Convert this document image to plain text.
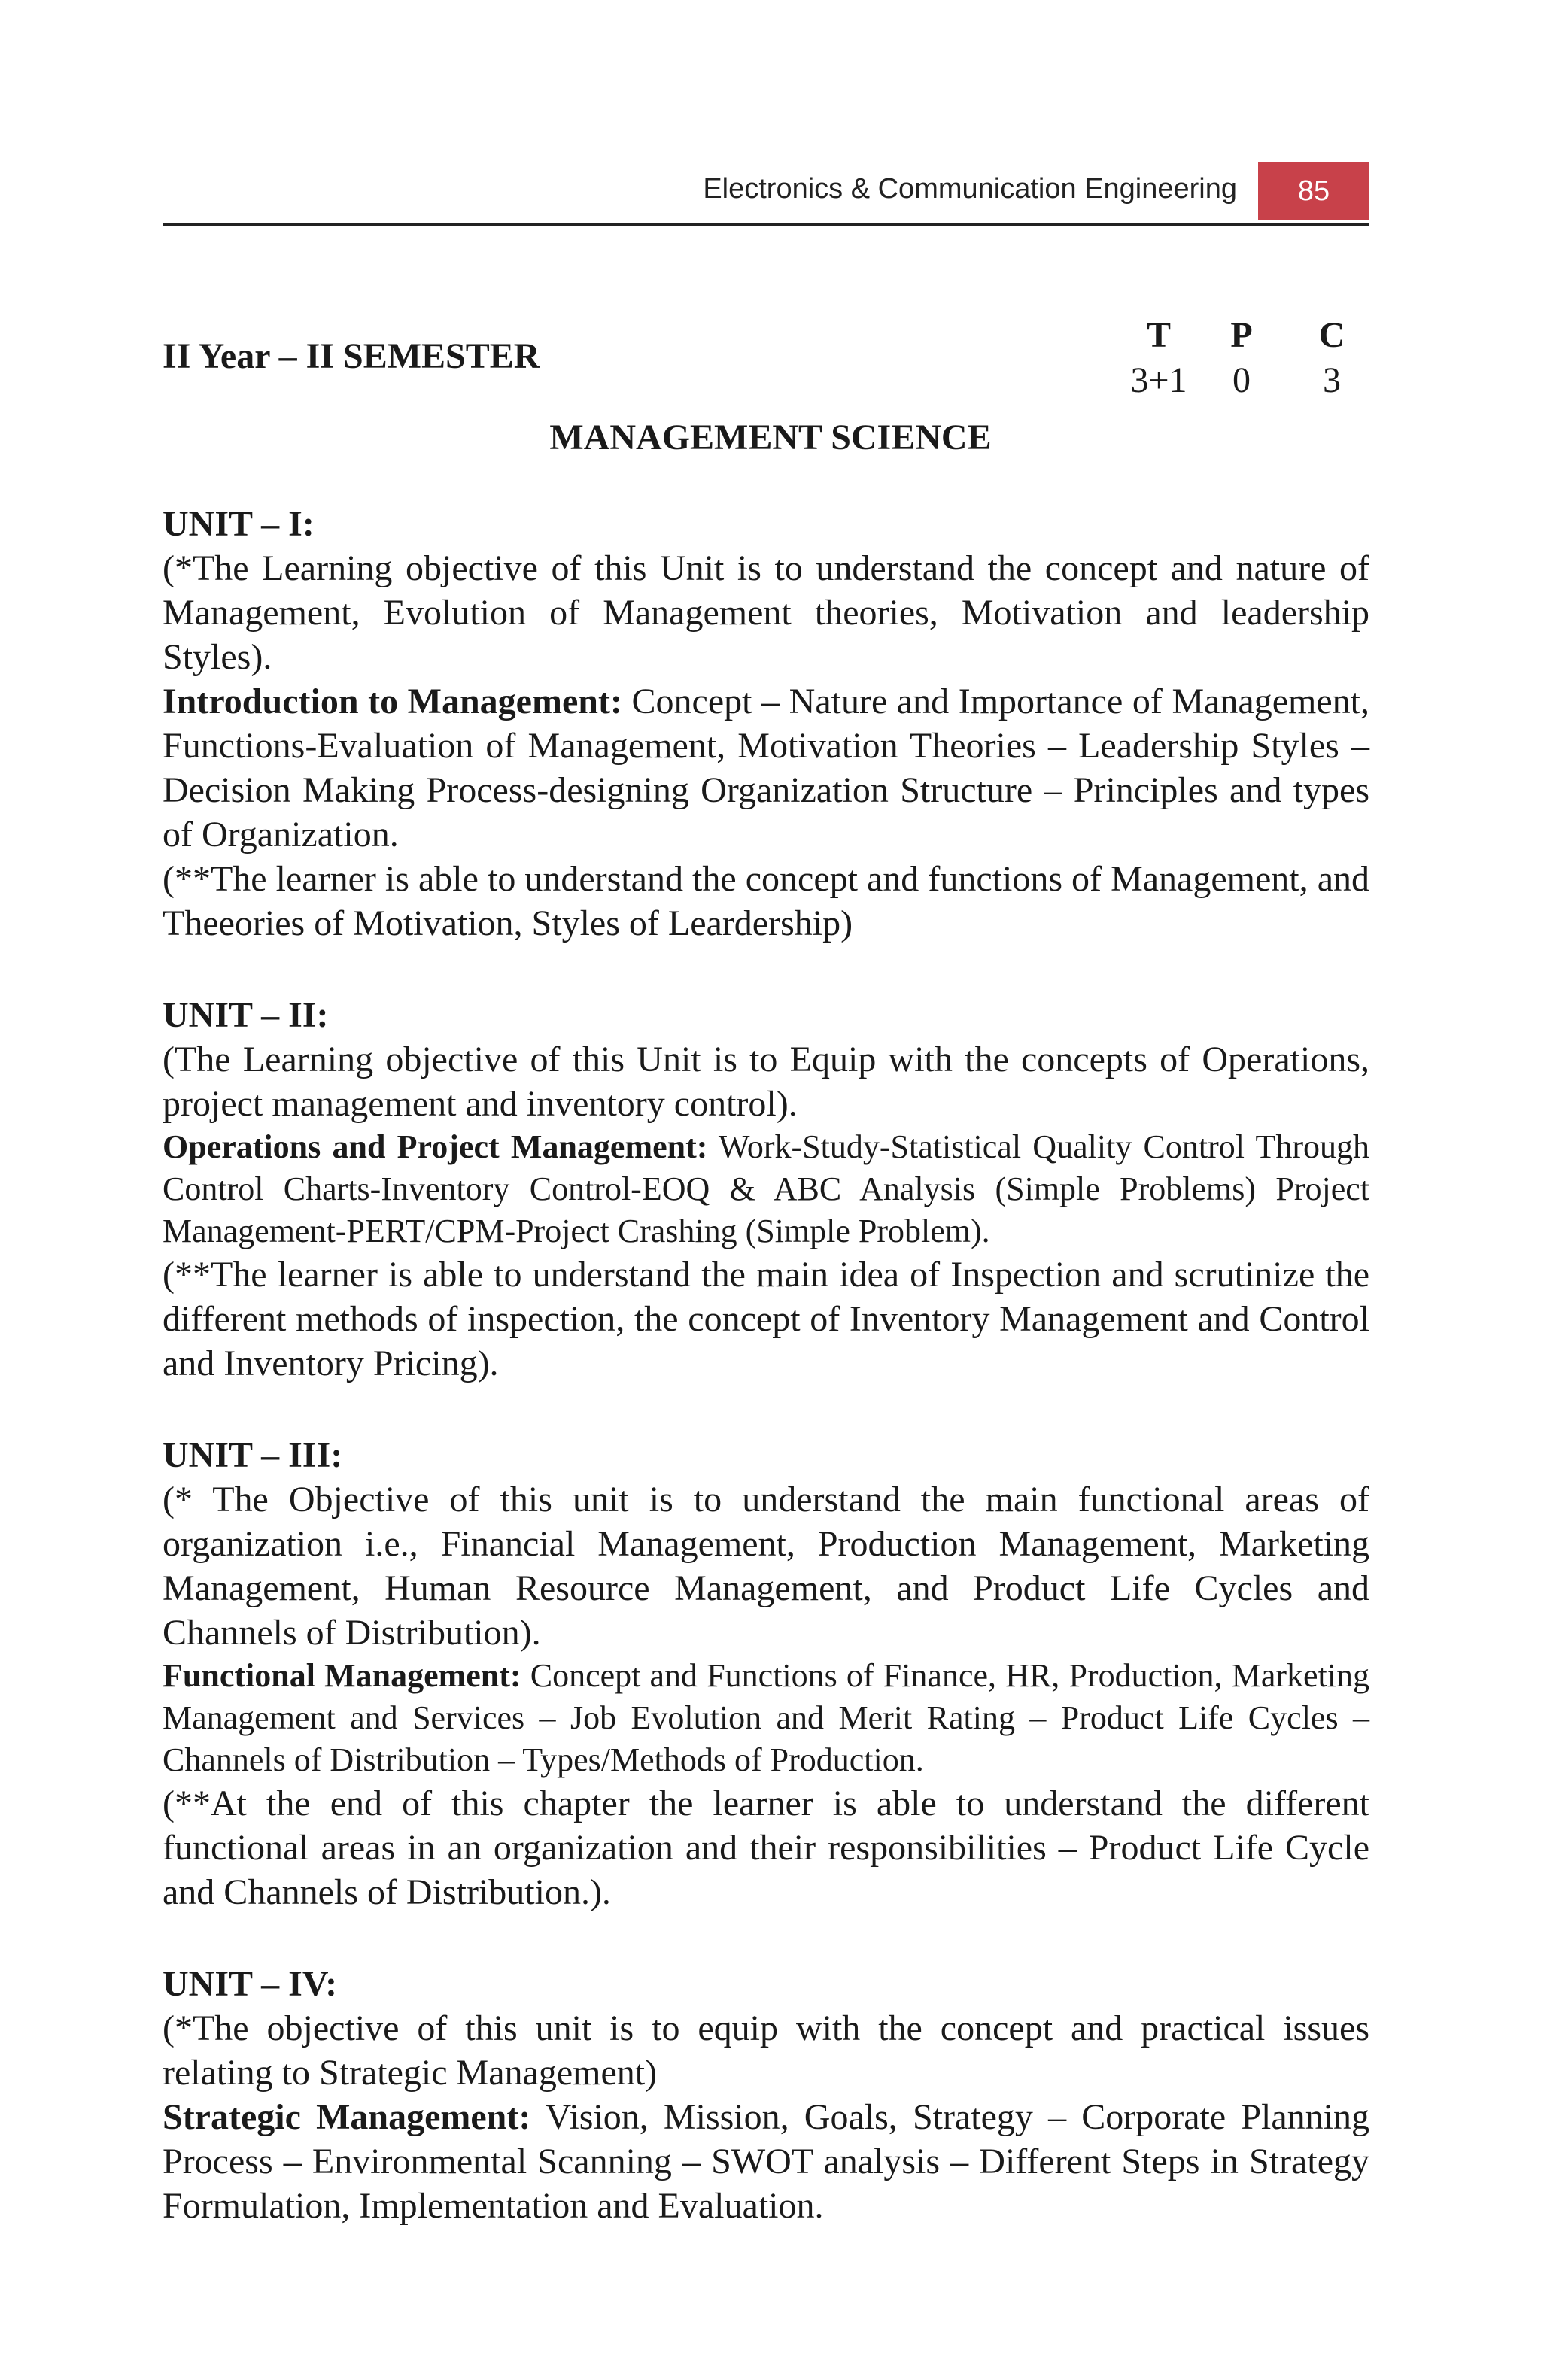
Electronics & Communication Engineering	85
II Year – II SEMESTER
T	P	C
3+1	0	3
MANAGEMENT SCIENCE

UNIT – I:

(*The Learning objective of this Unit is to understand the concept and nature of Management, Evolution of Management theories, Motivation and leadership Styles).

Introduction to Management: Concept – Nature and Importance of Management, Functions-Evaluation of Management, Motivation Theories – Leadership Styles – Decision Making Process-designing Organization Structure – Principles and types of Organization.

(**The learner is able to understand the concept and functions of Management, and Theeories of Motivation, Styles of Leardership)

UNIT – II:

(The Learning objective of this Unit is to Equip with the concepts of Operations, project management and inventory control).

Operations and Project Management: Work-Study-Statistical Quality Control Through Control Charts-Inventory Control-EOQ & ABC Analysis (Simple Problems) Project Management-PERT/CPM-Project Crashing (Simple Problem).

(**The learner is able to understand the main idea of Inspection and scrutinize the different methods of inspection, the concept of Inventory Management and Control and Inventory Pricing).

UNIT – III:

(* The Objective of this unit is to understand the main functional areas of organization i.e., Financial Management, Production Management, Marketing Management, Human Resource Management, and Product Life Cycles and Channels of Distribution).

Functional Management: Concept and Functions of Finance, HR, Production, Marketing Management and Services – Job Evolution and Merit Rating – Product Life Cycles – Channels of Distribution – Types/Methods of Production.

(**At the end of this chapter the learner is able to understand the different functional areas in an organization and their responsibilities – Product Life Cycle and Channels of Distribution.).

UNIT – IV:

(*The objective of this unit is to equip with the concept and practical issues relating to Strategic Management)

Strategic Management: Vision, Mission, Goals, Strategy – Corporate Planning Process – Environmental Scanning – SWOT analysis – Different Steps in Strategy Formulation, Implementation and Evaluation.
